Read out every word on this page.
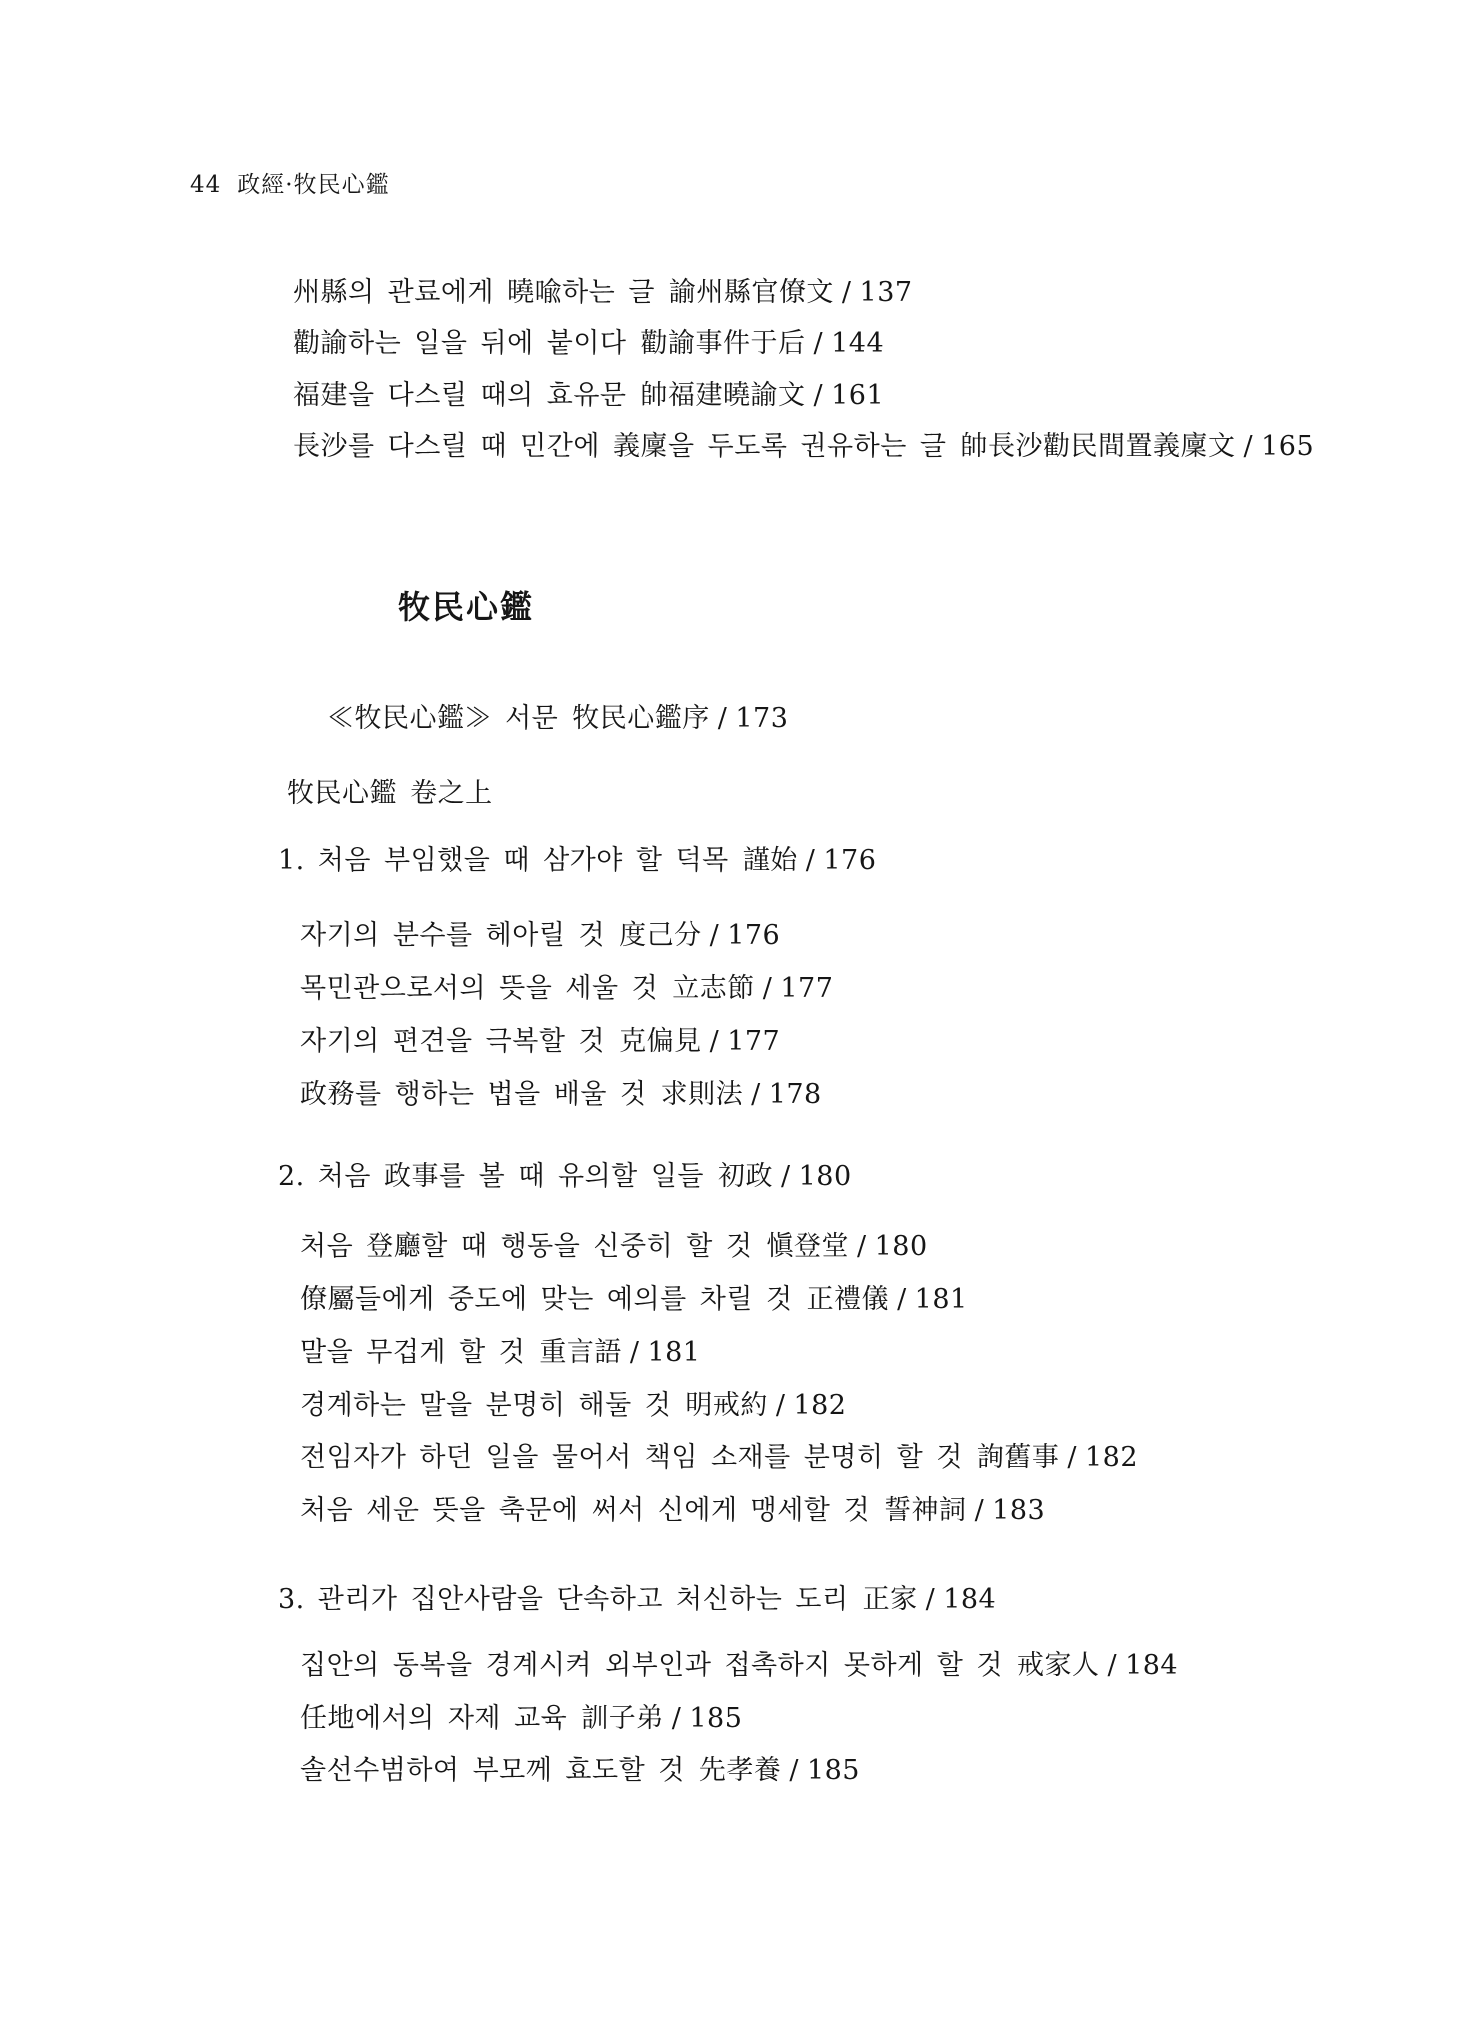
44 政經·牧民心鑑
州縣의 관료에게 曉喩하는 글 諭州縣官僚文 / 137
勸諭하는 일을 뒤에 붙이다 勸諭事件于后 / 144
福建을 다스릴 때의 효유문 帥福建曉諭文 / 161
長沙를 다스릴 때 민간에 義廩을 두도록 권유하는 글 帥長沙勸民間置義廩文 / 165
牧民心鑑
≪牧民心鑑≫ 서문 牧民心鑑序 / 173
牧民心鑑 卷之上
1. 처음 부임했을 때 삼가야 할 덕목 謹始 / 176
자기의 분수를 헤아릴 것 度己分 / 176
목민관으로서의 뜻을 세울 것 立志節 / 177
자기의 편견을 극복할 것 克偏見 / 177
政務를 행하는 법을 배울 것 求則法 / 178
2. 처음 政事를 볼 때 유의할 일들 初政 / 180
처음 登廳할 때 행동을 신중히 할 것 愼登堂 / 180
僚屬들에게 중도에 맞는 예의를 차릴 것 正禮儀 / 181
말을 무겁게 할 것 重言語 / 181
경계하는 말을 분명히 해둘 것 明戒約 / 182
전임자가 하던 일을 물어서 책임 소재를 분명히 할 것 詢舊事 / 182
처음 세운 뜻을 축문에 써서 신에게 맹세할 것 誓神詞 / 183
3. 관리가 집안사람을 단속하고 처신하는 도리 正家 / 184
집안의 동복을 경계시켜 외부인과 접촉하지 못하게 할 것 戒家人 / 184
任地에서의 자제 교육 訓子弟 / 185
솔선수범하여 부모께 효도할 것 先孝養 / 185
